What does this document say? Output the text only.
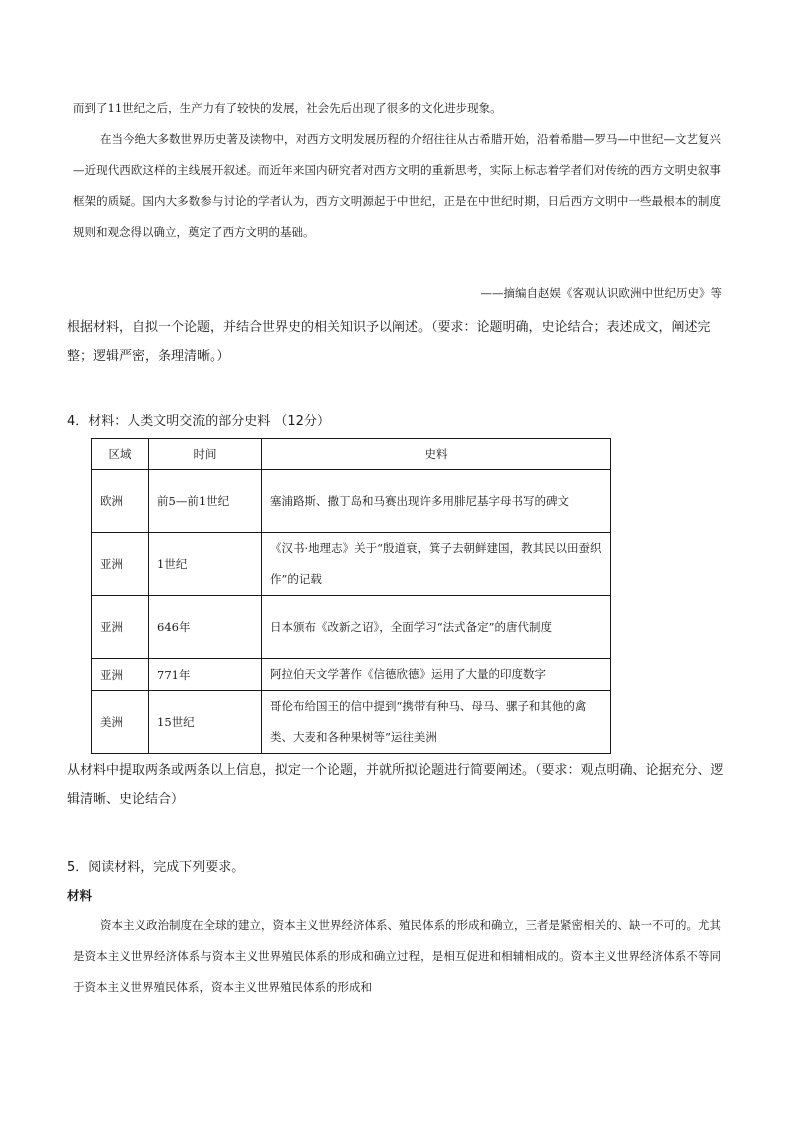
而到了11世纪之后，生产力有了较快的发展，社会先后出现了很多的文化进步现象。

在当今绝大多数世界历史著及读物中，对西方文明发展历程的介绍往往从古希腊开始，沿着希腊—罗马—中世纪—文艺复兴—近现代西欧这样的主线展开叙述。而近年来国内研究者对西方文明的重新思考，实际上标志着学者们对传统的西方文明史叙事框架的质疑。国内大多数参与讨论的学者认为，西方文明源起于中世纪，正是在中世纪时期，日后西方文明中一些最根本的制度规则和观念得以确立，奠定了西方文明的基础。

——摘编自赵娱《客观认识欧洲中世纪历史》等

根据材料，自拟一个论题，并结合世界史的相关知识予以阐述。（要求：论题明确，史论结合；表述成文，阐述完整；逻辑严密，条理清晰。）

4．材料：人类文明交流的部分史料 （12分）
区域	时间	史料
欧洲	前5—前1世纪	塞浦路斯、撒丁岛和马赛出现许多用腓尼基字母书写的碑文
亚洲	1世纪	《汉书·地理志》关于“殷道衰，箕子去朝鲜建国，教其民以田蚕织作”的记载
亚洲	646年	日本颁布《改新之诏》，全面学习“法式备定”的唐代制度
亚洲	771年	阿拉伯天文学著作《信德欣德》运用了大量的印度数字
美洲	15世纪	哥伦布给国王的信中提到“携带有种马、母马、骡子和其他的禽类、大麦和各种果树等”运往美洲

从材料中提取两条或两条以上信息，拟定一个论题，并就所拟论题进行简要阐述。（要求：观点明确、论据充分、逻辑清晰、史论结合）

5．阅读材料，完成下列要求。
材料

资本主义政治制度在全球的建立，资本主义世界经济体系、殖民体系的形成和确立，三者是紧密相关的、缺一不可的。尤其是资本主义世界经济体系与资本主义世界殖民体系的形成和确立过程，是相互促进和相辅相成的。资本主义世界经济体系不等同于资本主义世界殖民体系，资本主义世界殖民体系的形成和
